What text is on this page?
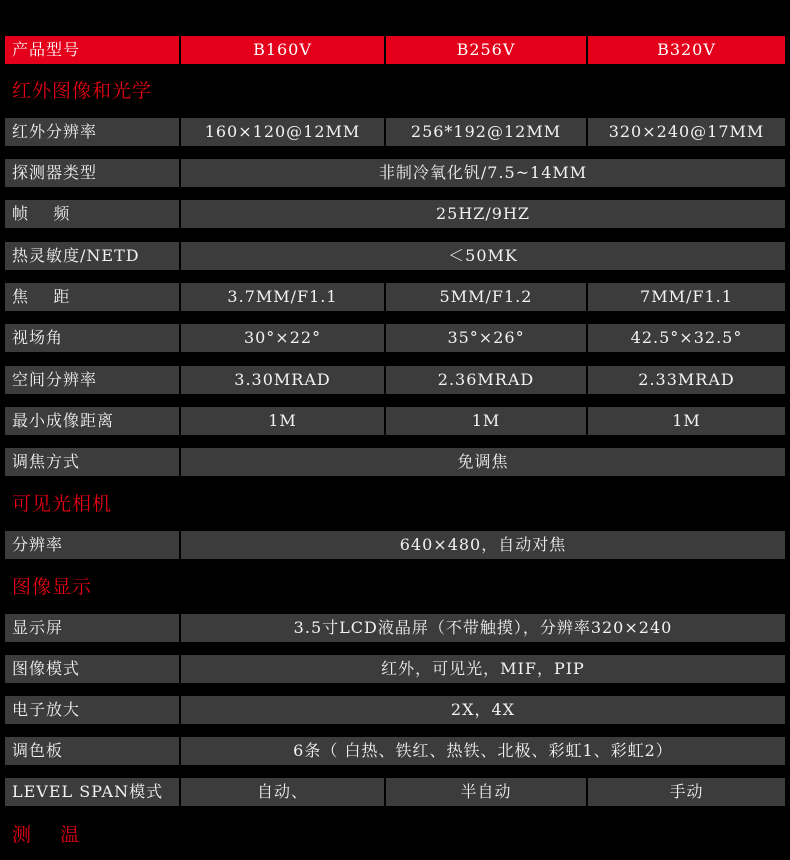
产品型号	B160V	B256V	B320V
红外图像和光学
红外分辨率	160×120@12MM	256*192@12MM	320×240@17MM
探测器类型	非制冷氧化钒/7.5~14MM
帧    频	25HZ/9HZ
热灵敏度/NETD	＜50MK
焦    距	3.7MM/F1.1	5MM/F1.2	7MM/F1.1
视场角	30°×22°	35°×26°	42.5°×32.5°
空间分辨率	3.30MRAD	2.36MRAD	2.33MRAD
最小成像距离	1M	1M	1M
调焦方式	免调焦
可见光相机
分辨率	640×480，自动对焦
图像显示
显示屏	3.5寸LCD液晶屏（不带触摸），分辨率320×240
图像模式	红外，可见光，MIF，PIP
电子放大	2X，4X
调色板	6条（ 白热、铁红、热铁、北极、彩虹1、彩虹2）
LEVEL SPAN模式	自动、	半自动	手动
测    温
